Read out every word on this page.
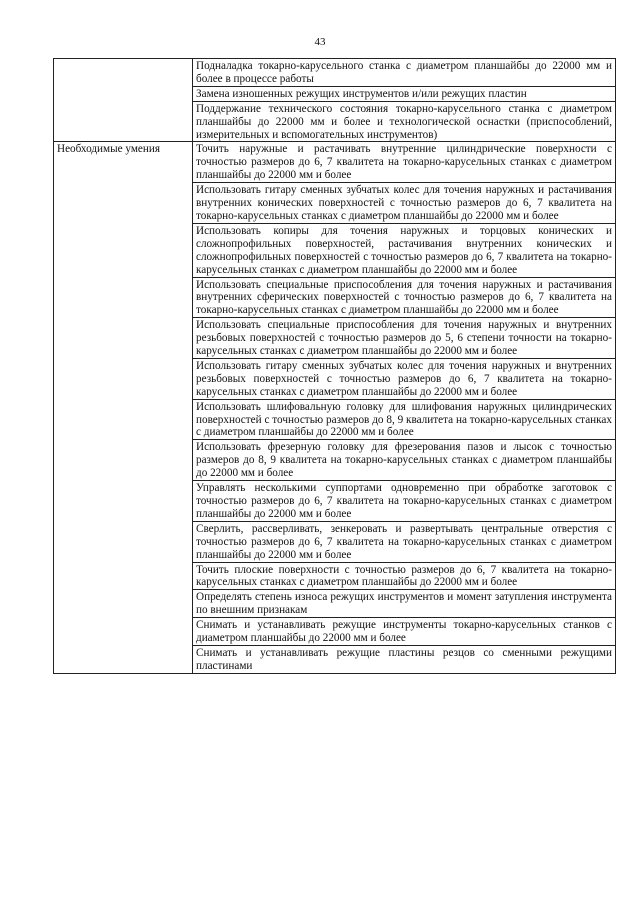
43
	Подналадка токарно-карусельного станка с диаметром планшайбы до 22000 мм и более в процессе работы
	Замена изношенных режущих инструментов и/или режущих пластин
	Поддержание технического состояния токарно-карусельного станка с диаметром планшайбы до 22000 мм и более и технологической оснастки (приспособлений, измерительных и вспомогательных инструментов)
Необходимые умения	Точить наружные и растачивать внутренние цилиндрические поверхности с точностью размеров до 6, 7 квалитета на токарно-карусельных станках с диаметром планшайбы до 22000 мм и более
	Использовать гитару сменных зубчатых колес для точения наружных и растачивания внутренних конических поверхностей с точностью размеров до 6, 7 квалитета на токарно-карусельных станках с диаметром планшайбы до 22000 мм и более
	Использовать копиры для точения наружных и торцовых конических и сложнопрофильных поверхностей, растачивания внутренних конических и сложнопрофильных поверхностей с точностью размеров до 6, 7 квалитета на токарно-карусельных станках с диаметром планшайбы до 22000 мм и более
	Использовать специальные приспособления для точения наружных и растачивания внутренних сферических поверхностей с точностью размеров до 6, 7 квалитета на токарно-карусельных станках с диаметром планшайбы до 22000 мм и более
	Использовать специальные приспособления для точения наружных и внутренних резьбовых поверхностей с точностью размеров до 5, 6 степени точности на токарно-карусельных станках с диаметром планшайбы до 22000 мм и более
	Использовать гитару сменных зубчатых колес для точения наружных и внутренних резьбовых поверхностей с точностью размеров до 6, 7 квалитета на токарно-карусельных станках с диаметром планшайбы до 22000 мм и более
	Использовать шлифовальную головку для шлифования наружных цилиндрических поверхностей с точностью размеров до 8, 9 квалитета на токарно-карусельных станках с диаметром планшайбы до 22000 мм и более
	Использовать фрезерную головку для фрезерования пазов и лысок с точностью размеров до 8, 9 квалитета на токарно-карусельных станках с диаметром планшайбы до 22000 мм и более
	Управлять несколькими суппортами одновременно при обработке заготовок с точностью размеров до 6, 7 квалитета на токарно-карусельных станках с диаметром планшайбы до 22000 мм и более
	Сверлить, рассверливать, зенкеровать и развертывать центральные отверстия с точностью размеров до 6, 7 квалитета на токарно-карусельных станках с диаметром планшайбы до 22000 мм и более
	Точить плоские поверхности с точностью размеров до 6, 7 квалитета на токарно-карусельных станках с диаметром планшайбы до 22000 мм и более
	Определять степень износа режущих инструментов и момент затупления инструмента по внешним признакам
	Снимать и устанавливать режущие инструменты токарно-карусельных станков с диаметром планшайбы до 22000 мм и более
	Снимать и устанавливать режущие пластины резцов со сменными режущими пластинами
